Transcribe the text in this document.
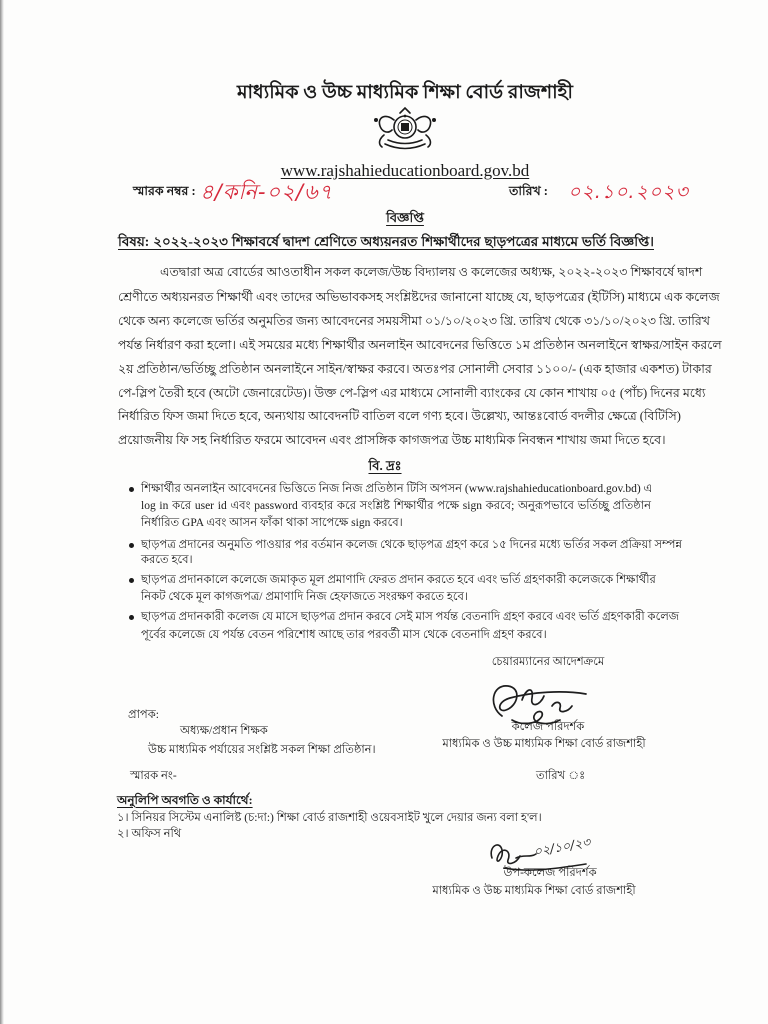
মাধ্যমিক ও উচ্চ মাধ্যমিক শিক্ষা বোর্ড রাজশাহী
www.rajshahieducationboard.gov.bd
স্মারক নম্বর : ৪/কনি-০২/৬৭	তারিখ :	০২.১০.২০২৩
বিজ্ঞপ্তি
বিষয়: ২০২২-২০২৩ শিক্ষাবর্ষে দ্বাদশ শ্রেণিতে অধ্যয়নরত শিক্ষার্থীদের ছাড়পত্রের মাধ্যমে ভর্তি বিজ্ঞপ্তি।
এতদ্বারা অত্র বোর্ডের আওতাধীন সকল কলেজ/উচ্চ বিদ্যালয় ও কলেজের অধ্যক্ষ, ২০২২-২০২৩ শিক্ষাবর্ষে দ্বাদশ
শ্রেণীতে অধ্যয়নরত শিক্ষার্থী এবং তাদের অভিভাবকসহ সংশ্লিষ্টদের জানানো যাচ্ছে যে, ছাড়পত্রের (ইটিসি) মাধ্যমে এক কলেজ
থেকে অন্য কলেজে ভর্তির অনুমতির জন্য আবেদনের সময়সীমা ০১/১০/২০২৩ খ্রি. তারিখ থেকে ৩১/১০/২০২৩ খ্রি. তারিখ
পর্যন্ত নির্ধারণ করা হলো। এই সময়ের মধ্যে শিক্ষার্থীর অনলাইন আবেদনের ভিত্তিতে ১ম প্রতিষ্ঠান অনলাইনে স্বাক্ষর/সাইন করলে
২য় প্রতিষ্ঠান/ভর্তিচ্ছু প্রতিষ্ঠান অনলাইনে সাইন/স্বাক্ষর করবে। অতঃপর সোনালী সেবার ১১০০/- (এক হাজার একশত) টাকার
পে-স্লিপ তৈরী হবে (অটো জেনারেটেড)। উক্ত পে-স্লিপ এর মাধ্যমে সোনালী ব্যাংকের যে কোন শাখায় ০৫ (পাঁচ) দিনের মধ্যে
নির্ধারিত ফিস জমা দিতে হবে, অন্যথায় আবেদনটি বাতিল বলে গণ্য হবে। উল্লেখ্য, আন্তঃবোর্ড বদলীর ক্ষেত্রে (বিটিসি)
প্রয়োজনীয় ফি সহ নির্ধারিত ফরমে আবেদন এবং প্রাসঙ্গিক কাগজপত্র উচ্চ মাধ্যমিক নিবন্ধন শাখায় জমা দিতে হবে।
বি. দ্রঃ
শিক্ষার্থীর অনলাইন আবেদনের ভিত্তিতে নিজ নিজ প্রতিষ্ঠান টিসি অপসন (www.rajshahieducationboard.gov.bd) এ
log in করে user id এবং password ব্যবহার করে সংশ্লিষ্ট শিক্ষার্থীর পক্ষে sign করবে; অনুরূপভাবে ভর্তিচ্ছু প্রতিষ্ঠান
নির্ধারিত GPA এবং আসন ফাঁকা থাকা সাপেক্ষে sign করবে।
ছাড়পত্র প্রদানের অনুমতি পাওয়ার পর বর্তমান কলেজ থেকে ছাড়পত্র গ্রহণ করে ১৫ দিনের মধ্যে ভর্তির সকল প্রক্রিয়া সম্পন্ন
করতে হবে।
ছাড়পত্র প্রদানকালে কলেজে জমাকৃত মূল প্রমাণাদি ফেরত প্রদান করতে হবে এবং ভর্তি গ্রহণকারী কলেজকে শিক্ষার্থীর
নিকট থেকে মূল কাগজপত্র/ প্রমাণাদি নিজ হেফাজতে সংরক্ষণ করতে হবে।
ছাড়পত্র প্রদানকারী কলেজ যে মাসে ছাড়পত্র প্রদান করবে সেই মাস পর্যন্ত বেতনাদি গ্রহণ করবে এবং ভর্তি গ্রহণকারী কলেজ
পূর্বের কলেজে যে পর্যন্ত বেতন পরিশোধ আছে তার পরবর্তী মাস থেকে বেতনাদি গ্রহণ করবে।
চেয়ারম্যানের আদেশক্রমে
কলেজ পরিদর্শক
মাধ্যমিক ও উচ্চ মাধ্যমিক শিক্ষা বোর্ড রাজশাহী
প্রাপক:
অধ্যক্ষ/প্রধান শিক্ষক
উচ্চ মাধ্যমিক পর্যায়ের সংশ্লিষ্ট সকল শিক্ষা প্রতিষ্ঠান।
স্মারক নং-	তারিখ ঃ
অনুলিপি অবগতি ও কার্যার্থে:
১। সিনিয়র সিস্টেম এনালিষ্ট (চ:দা:) শিক্ষা বোর্ড রাজশাহী ওয়েবসাইট খুলে দেয়ার জন্য বলা হ'ল।
২। অফিস নথি
০২/১০/২৩
উপ-কলেজ পরিদর্শক
মাধ্যমিক ও উচ্চ মাধ্যমিক শিক্ষা বোর্ড রাজশাহী
